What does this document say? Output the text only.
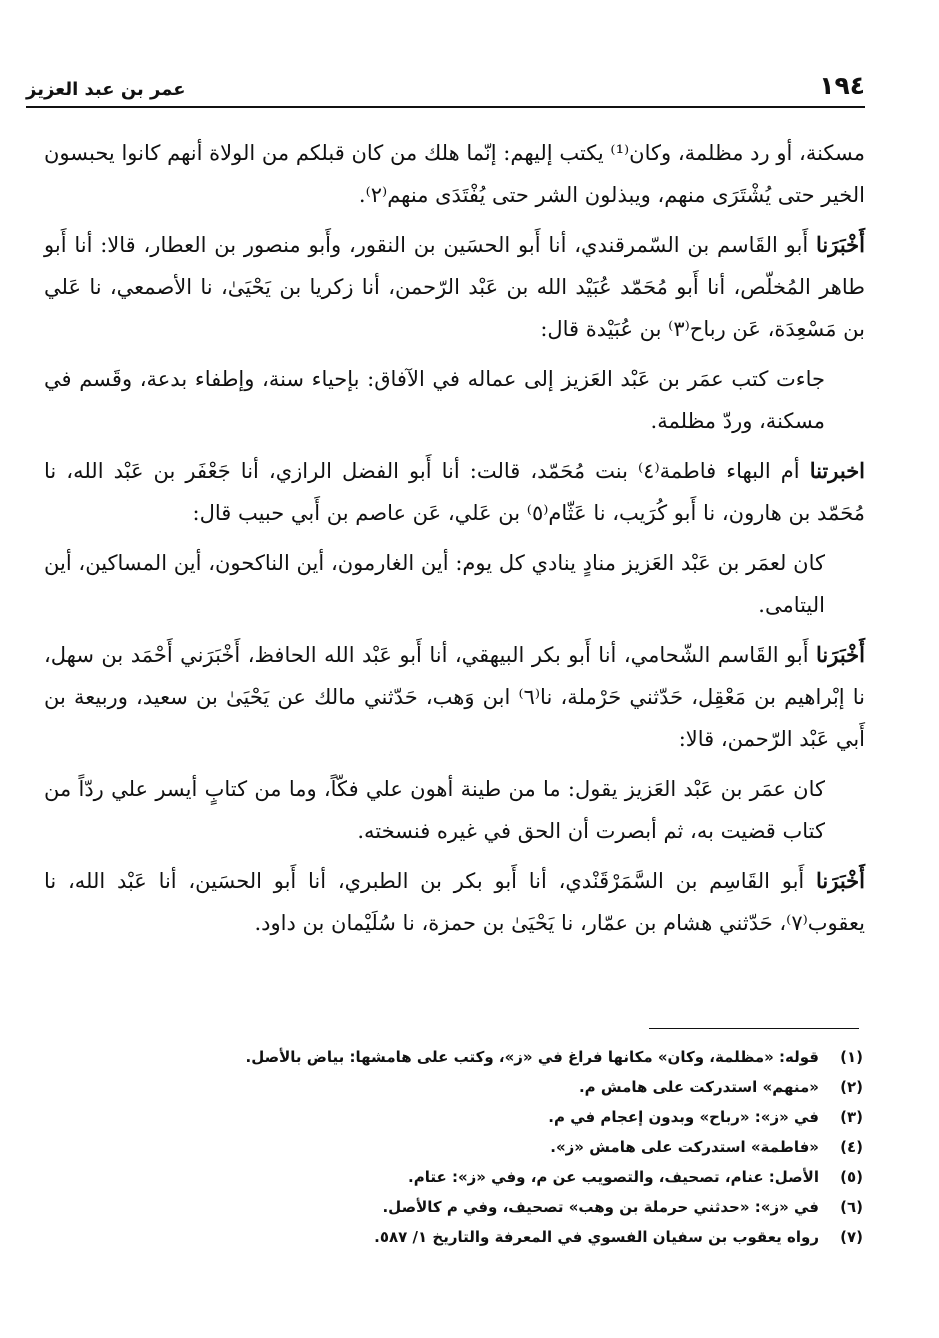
١٩٤
عمر بن عبد العزيز

مسكنة، أو رد مظلمة، وكان⁽¹⁾ يكتب إليهم: إنّما هلك من كان قبلكم من الولاة أنهم كانوا يحبسون الخير حتى يُشْتَرَى منهم، ويبذلون الشر حتى يُفْتَدَى منهم⁽٢⁾.

أَخْبَرَنا أَبو القَاسم بن السّمرقندي، أنا أَبو الحسَين بن النقور، وأَبو منصور بن العطار، قالا: أنا أَبو طاهر المُخلّص، أنا أَبو مُحَمّد عُبَيْد الله بن عَبْد الرّحمن، أنا زكريا بن يَحْيَىٰ، نا الأصمعي، نا عَلي بن مَسْعِدَة، عَن رباح⁽٣⁾ بن عُبَيْدة قال:

جاءت كتب عمَر بن عَبْد العَزيز إلى عماله في الآفاق: بإحياء سنة، وإطفاء بدعة، وقَسم في مسكنة، وردّ مظلمة.

اخبرتنا أم البهاء فاطمة⁽٤⁾ بنت مُحَمّد، قالت: أنا أَبو الفضل الرازي، أنا جَعْفَر بن عَبْد الله، نا مُحَمّد بن هارون، نا أَبو كُرَيب، نا عَثّام⁽٥⁾ بن عَلي، عَن عاصم بن أَبي حبيب قال:

كان لعمَر بن عَبْد العَزيز منادٍ ينادي كل يوم: أين الغارمون، أين الناكحون، أين المساكين، أين اليتامى.

أَخْبَرَنا أَبو القَاسم الشّحامي، أنا أَبو بكر البيهقي، أنا أَبو عَبْد الله الحافظ، أَخْبَرَني أَحْمَد بن سهل، نا إبْراهيم بن مَعْقِل، حَدّثني حَرْملة، نا⁽٦⁾ ابن وَهب، حَدّثني مالك عن يَحْيَىٰ بن سعيد، وربيعة بن أَبي عَبْد الرّحمن، قالا:

كان عمَر بن عَبْد العَزيز يقول: ما من طينة أهون علي فكّاً، وما من كتابٍ أيسر علي ردّاً من كتاب قضيت به، ثم أبصرت أن الحق في غيره فنسخته.

أَخْبَرَنا أَبو القَاسِم بن السَّمَرْقَنْدي، أنا أَبو بكر بن الطبري، أنا أَبو الحسَين، أنا عَبْد الله، نا يعقوب⁽٧⁾، حَدّثني هشام بن عمّار، نا يَحْيَىٰ بن حمزة، نا سُلَيْمان بن داود.

(١)
قوله: «مظلمة، وكان» مكانها فراغ في «ز»، وكتب على هامشها: بياض بالأصل.
(٢)
«منهم» استدركت على هامش م.
(٣)
في «ز»: «رباح» وبدون إعجام في م.
(٤)
«فاطمة» استدركت على هامش «ز».
(٥)
الأصل: عنام، تصحيف، والتصويب عن م، وفي «ز»: عتام.
(٦)
في «ز»: «حدثني حرملة بن وهب» تصحيف، وفي م كالأصل.
(٧)
رواه يعقوب بن سفيان الفسوي في المعرفة والتاريخ ١/ ٥٨٧.
